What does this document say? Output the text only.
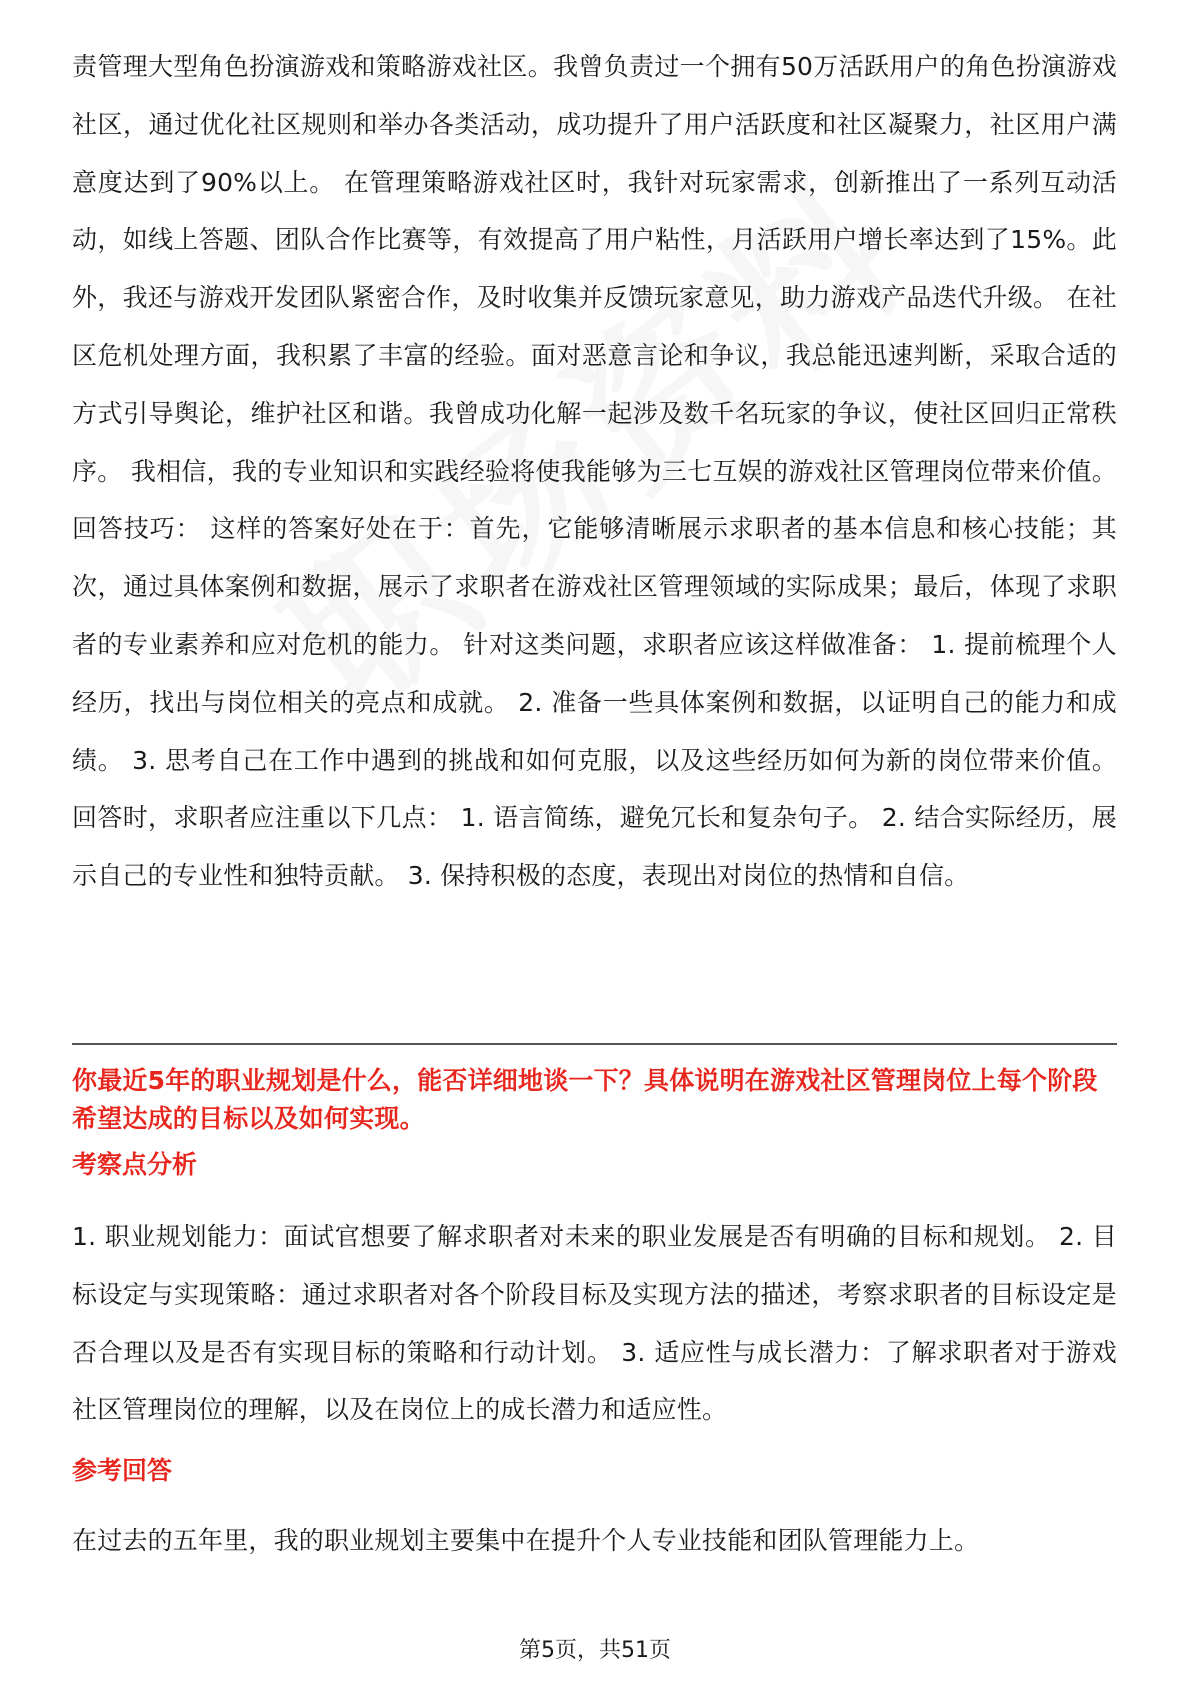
责管理大型角色扮演游戏和策略游戏社区。我曾负责过一个拥有50万活跃用户的角色扮演游戏社区，通过优化社区规则和举办各类活动，成功提升了用户活跃度和社区凝聚力，社区用户满意度达到了90%以上。 在管理策略游戏社区时，我针对玩家需求，创新推出了一系列互动活动，如线上答题、团队合作比赛等，有效提高了用户粘性，月活跃用户增长率达到了15%。此外，我还与游戏开发团队紧密合作，及时收集并反馈玩家意见，助力游戏产品迭代升级。 在社区危机处理方面，我积累了丰富的经验。面对恶意言论和争议，我总能迅速判断，采取合适的方式引导舆论，维护社区和谐。我曾成功化解一起涉及数千名玩家的争议，使社区回归正常秩序。 我相信，我的专业知识和实践经验将使我能够为三七互娱的游戏社区管理岗位带来价值。 回答技巧： 这样的答案好处在于：首先，它能够清晰展示求职者的基本信息和核心技能；其次，通过具体案例和数据，展示了求职者在游戏社区管理领域的实际成果；最后，体现了求职者的专业素养和应对危机的能力。 针对这类问题，求职者应该这样做准备： 1. 提前梳理个人经历，找出与岗位相关的亮点和成就。 2. 准备一些具体案例和数据，以证明自己的能力和成绩。 3. 思考自己在工作中遇到的挑战和如何克服，以及这些经历如何为新的岗位带来价值。 回答时，求职者应注重以下几点： 1. 语言简练，避免冗长和复杂句子。 2. 结合实际经历，展示自己的专业性和独特贡献。 3. 保持积极的态度，表现出对岗位的热情和自信。

你最近5年的职业规划是什么，能否详细地谈一下？具体说明在游戏社区管理岗位上每个阶段希望达成的目标以及如何实现。

考察点分析

1. 职业规划能力：面试官想要了解求职者对未来的职业发展是否有明确的目标和规划。 2. 目标设定与实现策略：通过求职者对各个阶段目标及实现方法的描述，考察求职者的目标设定是否合理以及是否有实现目标的策略和行动计划。 3. 适应性与成长潜力：了解求职者对于游戏社区管理岗位的理解，以及在岗位上的成长潜力和适应性。

参考回答

在过去的五年里，我的职业规划主要集中在提升个人专业技能和团队管理能力上。

第5页，共51页
